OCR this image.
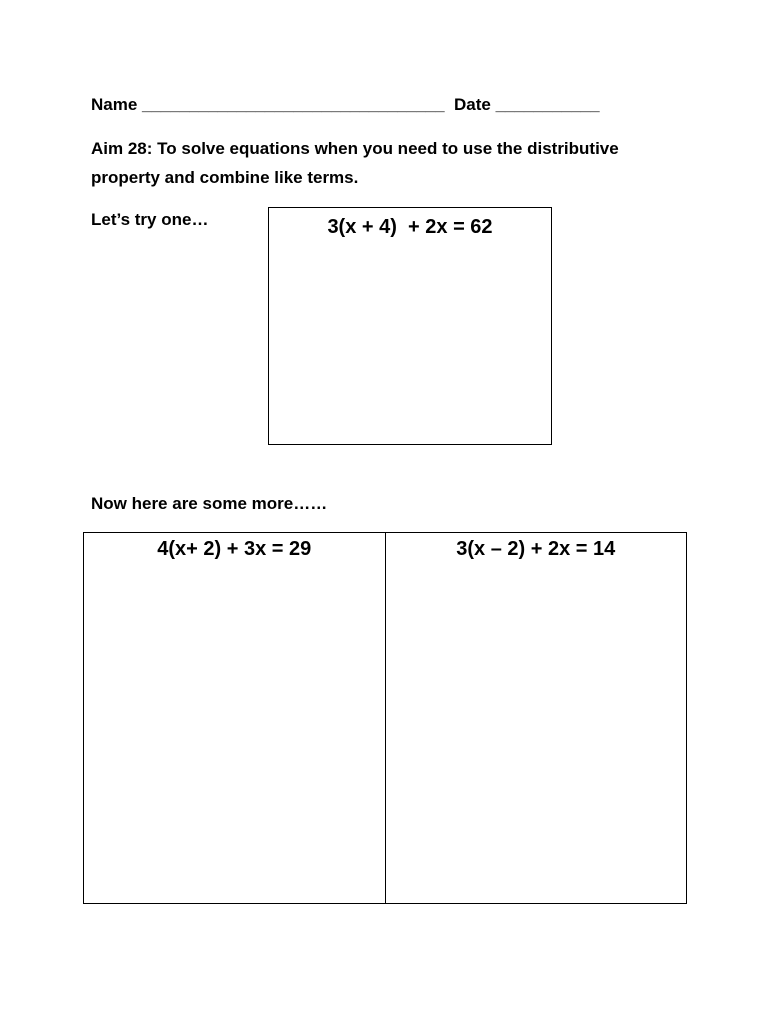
Name ________________________________  Date ___________
Aim 28: To solve equations when you need to use the distributive
property and combine like terms.
Let’s try one…	3(x + 4)  + 2x = 62
Now here are some more……
4(x+ 2) + 3x = 29	3(x – 2) + 2x = 14
